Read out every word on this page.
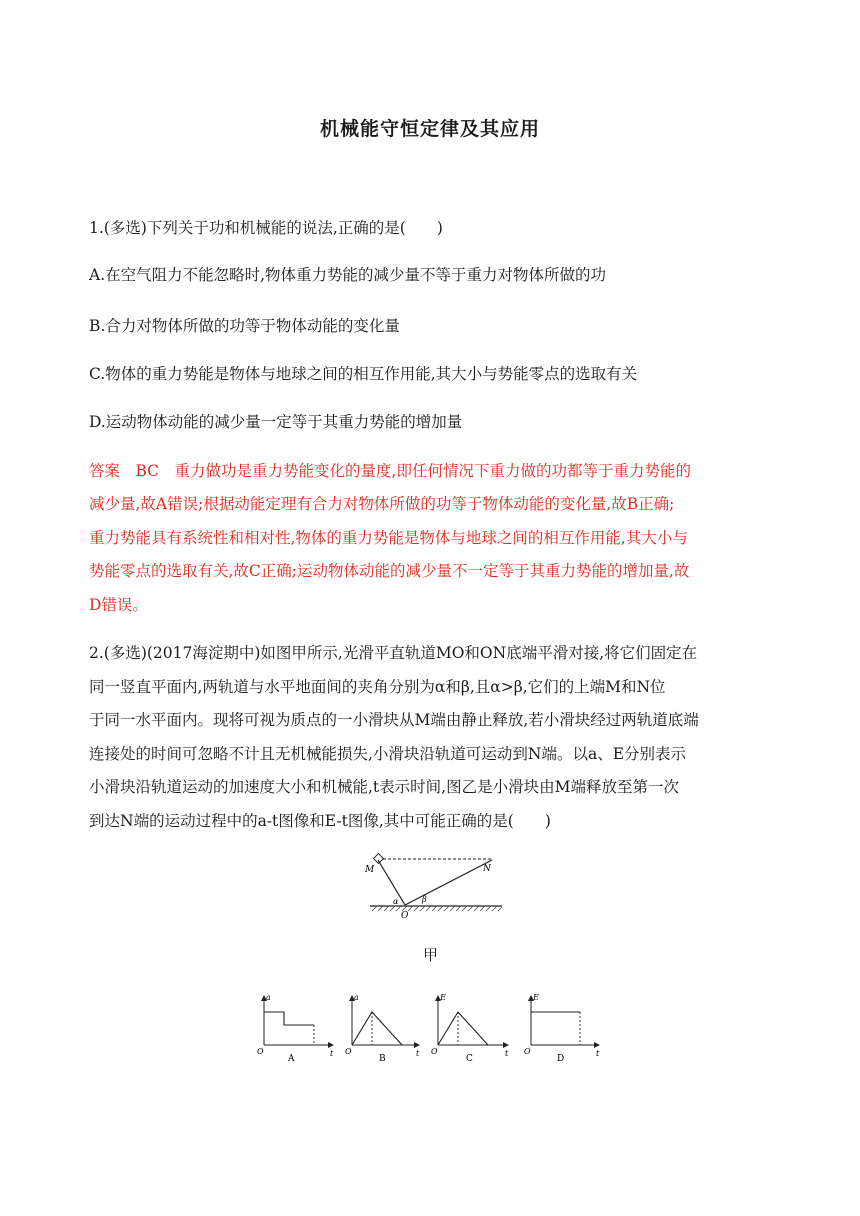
机械能守恒定律及其应用

1.(多选)下列关于功和机械能的说法,正确的是(　　)

A.在空气阻力不能忽略时,物体重力势能的减少量不等于重力对物体所做的功

B.合力对物体所做的功等于物体动能的变化量

C.物体的重力势能是物体与地球之间的相互作用能,其大小与势能零点的选取有关

D.运动物体动能的减少量一定等于其重力势能的增加量

答案　BC　重力做功是重力势能变化的量度,即任何情况下重力做的功都等于重力势能的

减少量,故A错误;根据动能定理有合力对物体所做的功等于物体动能的变化量,故B正确;

重力势能具有系统性和相对性,物体的重力势能是物体与地球之间的相互作用能,其大小与

势能零点的选取有关,故C正确;运动物体动能的减少量不一定等于其重力势能的增加量,故

D错误。

2.(多选)(2017海淀期中)如图甲所示,光滑平直轨道MO和ON底端平滑对接,将它们固定在

同一竖直平面内,两轨道与水平地面间的夹角分别为α和β,且α>β,它们的上端M和N位

于同一水平面内。现将可视为质点的一小滑块从M端由静止释放,若小滑块经过两轨道底端

连接处的时间可忽略不计且无机械能损失,小滑块沿轨道可运动到N端。以a、E分别表示

小滑块沿轨道运动的加速度大小和机械能,t表示时间,图乙是小滑块由M端释放至第一次

到达N端的运动过程中的a-t图像和E-t图像,其中可能正确的是(　　)

M	N
O
α	β
甲
a
t
O
A
a
t
O
B
E
t
O
C
E
t
O
D
